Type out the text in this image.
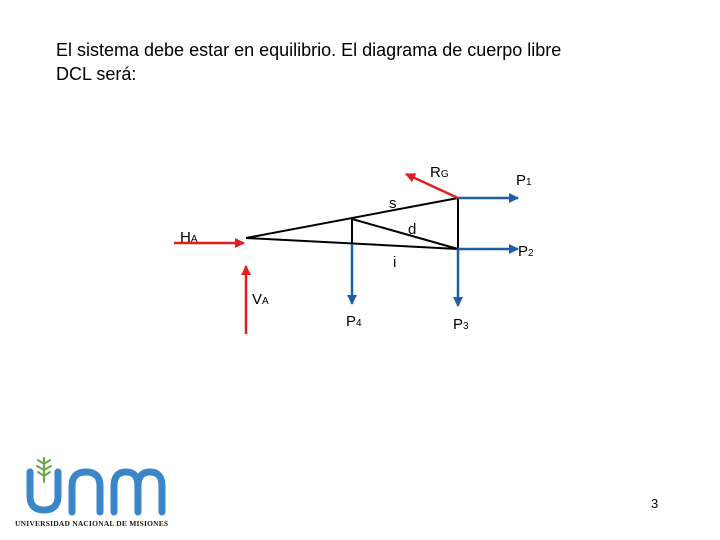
El sistema debe estar en equilibrio. El diagrama de cuerpo libre
DCL será:
RG	P1
s
d
HA
P2
i
VA
P4	P3
UNIVERSIDAD NACIONAL DE MISIONES
3
